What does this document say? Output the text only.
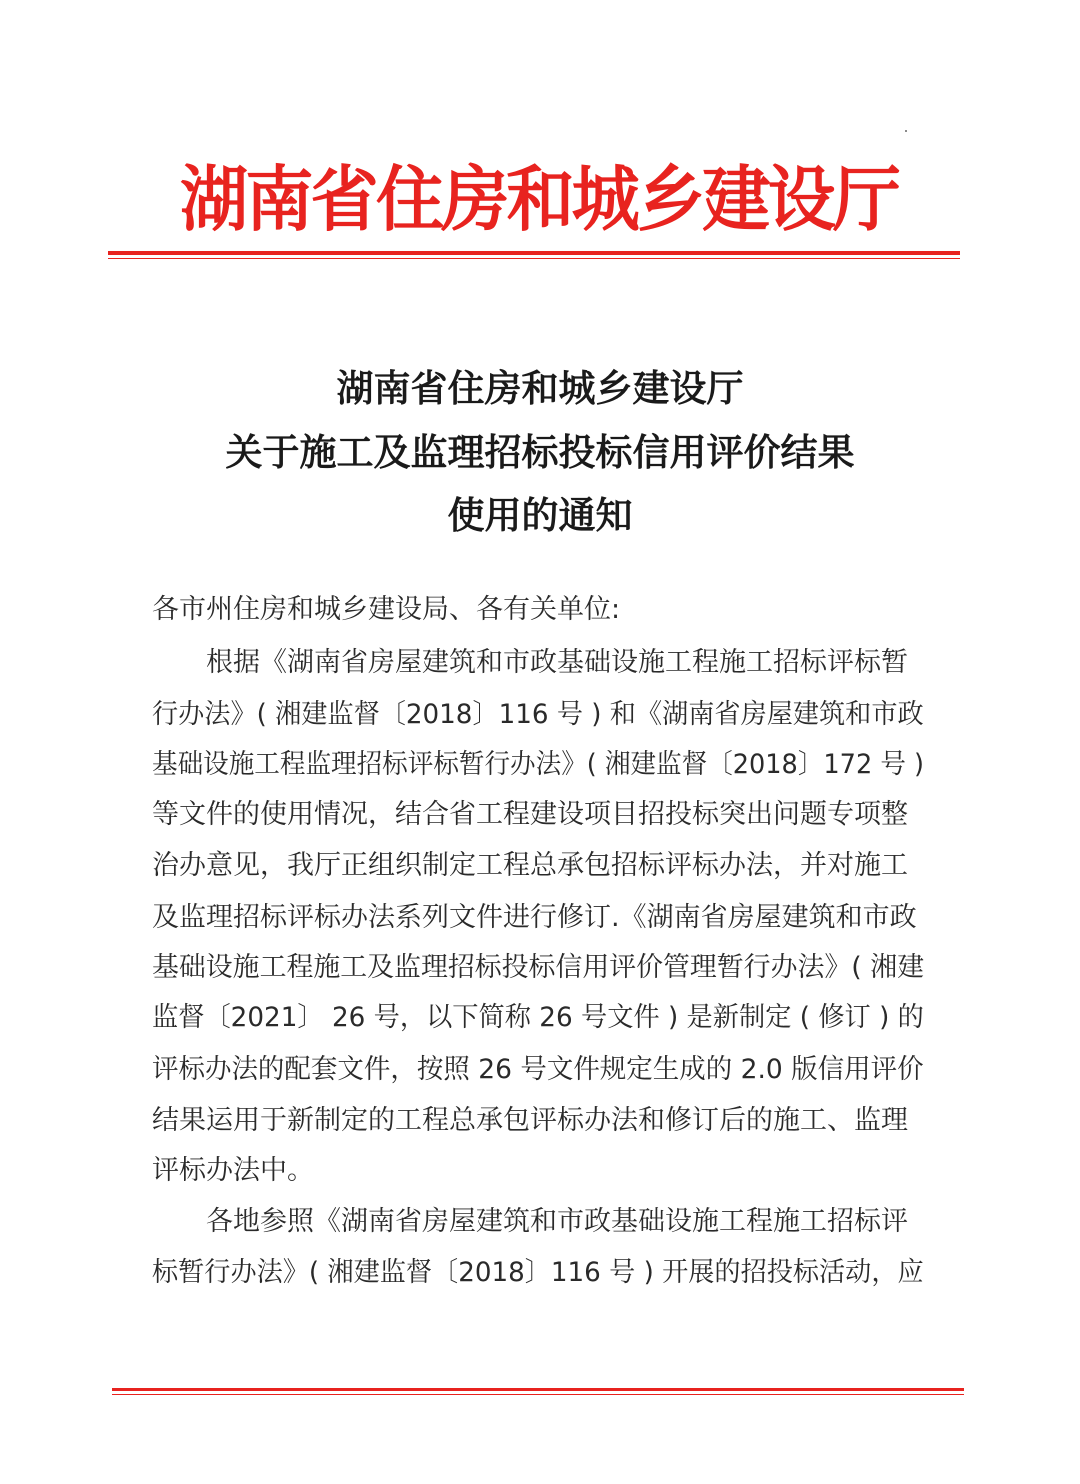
湖南省住房和城乡建设厅
湖南省住房和城乡建设厅
关于施工及监理招标投标信用评价结果
使用的通知
各市州住房和城乡建设局、各有关单位:
根据《湖南省房屋建筑和市政基础设施工程施工招标评标暂
行办法》( 湘建监督〔2018〕116 号 ) 和《湖南省房屋建筑和市政
基础设施工程监理招标评标暂行办法》( 湘建监督〔2018〕172 号 )
等文件的使用情况，结合省工程建设项目招投标突出问题专项整
治办意见，我厅正组织制定工程总承包招标评标办法，并对施工
及监理招标评标办法系列文件进行修订.《湖南省房屋建筑和市政
基础设施工程施工及监理招标投标信用评价管理暂行办法》( 湘建
监督〔2021〕 26 号，以下简称 26 号文件 ) 是新制定 ( 修订 ) 的
评标办法的配套文件，按照 26 号文件规定生成的 2.0 版信用评价
结果运用于新制定的工程总承包评标办法和修订后的施工、监理
评标办法中。
各地参照《湖南省房屋建筑和市政基础设施工程施工招标评
标暂行办法》( 湘建监督〔2018〕116 号 ) 开展的招投标活动，应
